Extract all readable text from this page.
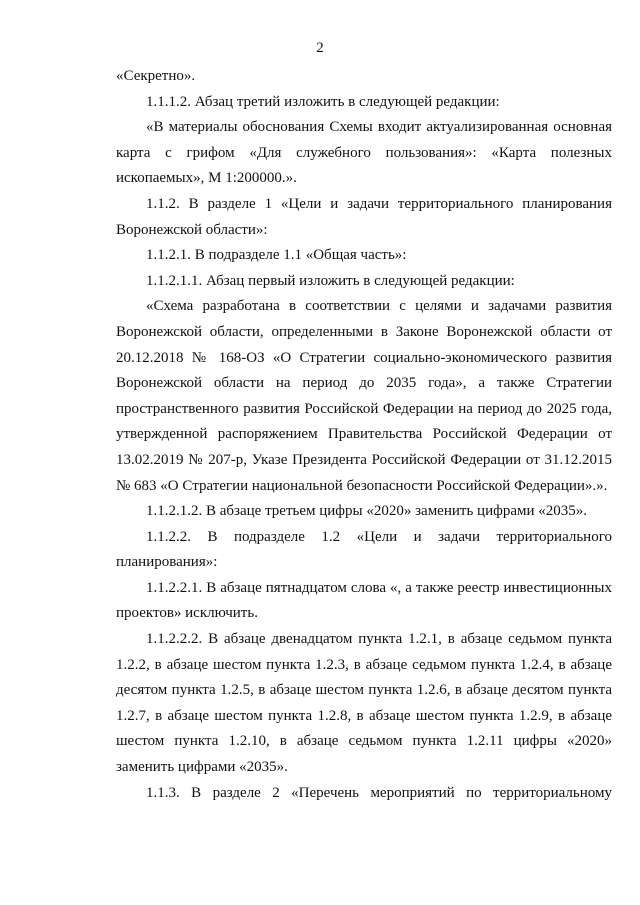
2

«Секретно».

1.1.1.2. Абзац третий изложить в следующей редакции:

«В материалы обоснования Схемы входит актуализированная основная карта с грифом «Для служебного пользования»: «Карта полезных ископаемых», М 1:200000.».

1.1.2. В разделе 1 «Цели и задачи территориального планирования Воронежской области»:

1.1.2.1. В подразделе 1.1 «Общая часть»:

1.1.2.1.1. Абзац первый изложить в следующей редакции:

«Схема разработана в соответствии с целями и задачами развития Воронежской области, определенными в Законе Воронежской области от 20.12.2018 № 168-ОЗ «О Стратегии социально-экономического развития Воронежской области на период до 2035 года», а также Стратегии пространственного развития Российской Федерации на период до 2025 года, утвержденной распоряжением Правительства Российской Федерации от 13.02.2019 № 207-р, Указе Президента Российской Федерации от 31.12.2015 № 683 «О Стратегии национальной безопасности Российской Федерации».».

1.1.2.1.2. В абзаце третьем цифры «2020» заменить цифрами «2035».

1.1.2.2. В подразделе 1.2 «Цели и задачи территориального планирования»:

1.1.2.2.1. В абзаце пятнадцатом слова «, а также реестр инвестиционных проектов» исключить.

1.1.2.2.2. В абзаце двенадцатом пункта 1.2.1, в абзаце седьмом пункта 1.2.2, в абзаце шестом пункта 1.2.3, в абзаце седьмом пункта 1.2.4, в абзаце десятом пункта 1.2.5, в абзаце шестом пункта 1.2.6, в абзаце десятом пункта 1.2.7, в абзаце шестом пункта 1.2.8, в абзаце шестом пункта 1.2.9, в абзаце шестом пункта 1.2.10, в абзаце седьмом пункта 1.2.11 цифры «2020» заменить цифрами «2035».

1.1.3. В разделе 2 «Перечень мероприятий по территориальному
